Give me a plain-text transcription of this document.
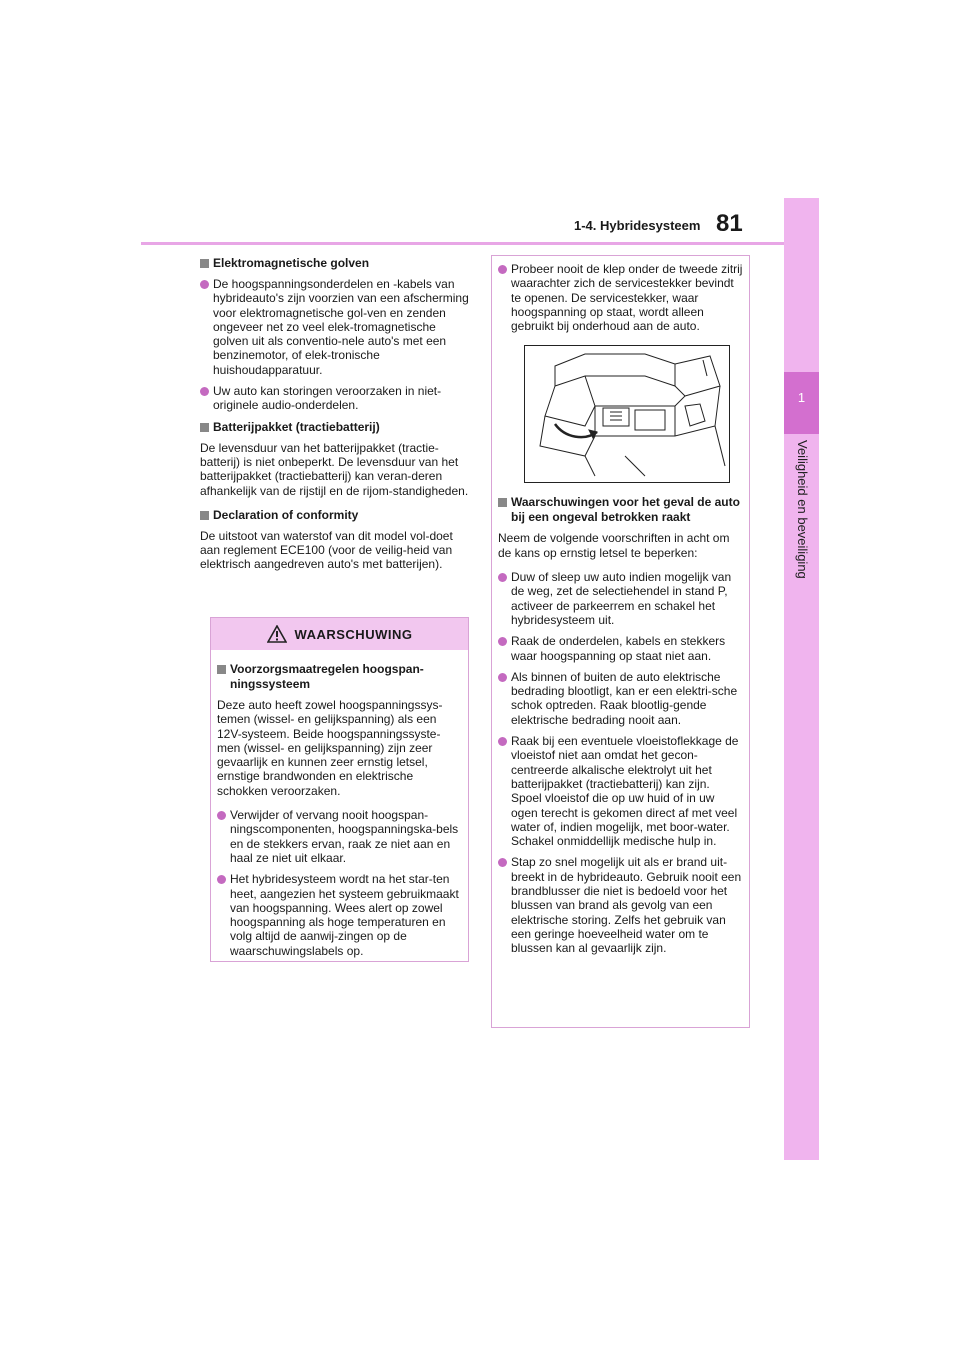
1-4. Hybridesysteem 81
1
Veiligheid en beveiliging
Elektromagnetische golven
De hoogspanningsonderdelen en -kabels van hybrideauto's zijn voorzien van een afscherming voor elektromagnetische gol-ven en zenden ongeveer net zo veel elek-tromagnetische golven uit als conventio-nele auto's met een benzinemotor, of elek-tronische huishoudapparatuur.
Uw auto kan storingen veroorzaken in niet-originele audio-onderdelen.
Batterijpakket (tractiebatterij)
De levensduur van het batterijpakket (tractie-batterij) is niet onbeperkt. De levensduur van het batterijpakket (tractiebatterij) kan veran-deren afhankelijk van de rijstijl en de rijom-standigheden.
Declaration of conformity
De uitstoot van waterstof van dit model vol-doet aan reglement ECE100 (voor de veilig-heid van elektrisch aangedreven auto's met batterijen).
WAARSCHUWING
Voorzorgsmaatregelen hoogspan-ningssysteem
Deze auto heeft zowel hoogspanningssys-temen (wissel- en gelijkspanning) als een 12V-systeem. Beide hoogspanningssyste-men (wissel- en gelijkspanning) zijn zeer gevaarlijk en kunnen zeer ernstig letsel, ernstige brandwonden en elektrische schokken veroorzaken.
Verwijder of vervang nooit hoogspan-ningscomponenten, hoogspanningska-bels en de stekkers ervan, raak ze niet aan en haal ze niet uit elkaar.
Het hybridesysteem wordt na het star-ten heet, aangezien het systeem gebruikmaakt van hoogspanning. Wees alert op zowel hoogspanning als hoge temperaturen en volg altijd de aanwij-zingen op de waarschuwingslabels op.
Probeer nooit de klep onder de tweede zitrij waarachter zich de servicestekker bevindt te openen. De servicestekker, waar hoogspanning op staat, wordt alleen gebruikt bij onderhoud aan de auto.
Waarschuwingen voor het geval de auto bij een ongeval betrokken raakt
Neem de volgende voorschriften in acht om de kans op ernstig letsel te beperken:
Duw of sleep uw auto indien mogelijk van de weg, zet de selectiehendel in stand P, activeer de parkeerrem en schakel het hybridesysteem uit.
Raak de onderdelen, kabels en stekkers waar hoogspanning op staat niet aan.
Als binnen of buiten de auto elektrische bedrading blootligt, kan er een elektri-sche schok optreden. Raak blootlig-gende elektrische bedrading nooit aan.
Raak bij een eventuele vloeistoflekkage de vloeistof niet aan omdat het gecon-centreerde alkalische elektrolyt uit het batterijpakket (tractiebatterij) kan zijn. Spoel vloeistof die op uw huid of in uw ogen terecht is gekomen direct af met veel water of, indien mogelijk, met boor-water. Schakel onmiddellijk medische hulp in.
Stap zo snel mogelijk uit als er brand uit-breekt in de hybrideauto. Gebruik nooit een brandblusser die niet is bedoeld voor het blussen van brand als gevolg van een elektrische storing. Zelfs het gebruik van een geringe hoeveelheid water om te blussen kan al gevaarlijk zijn.
